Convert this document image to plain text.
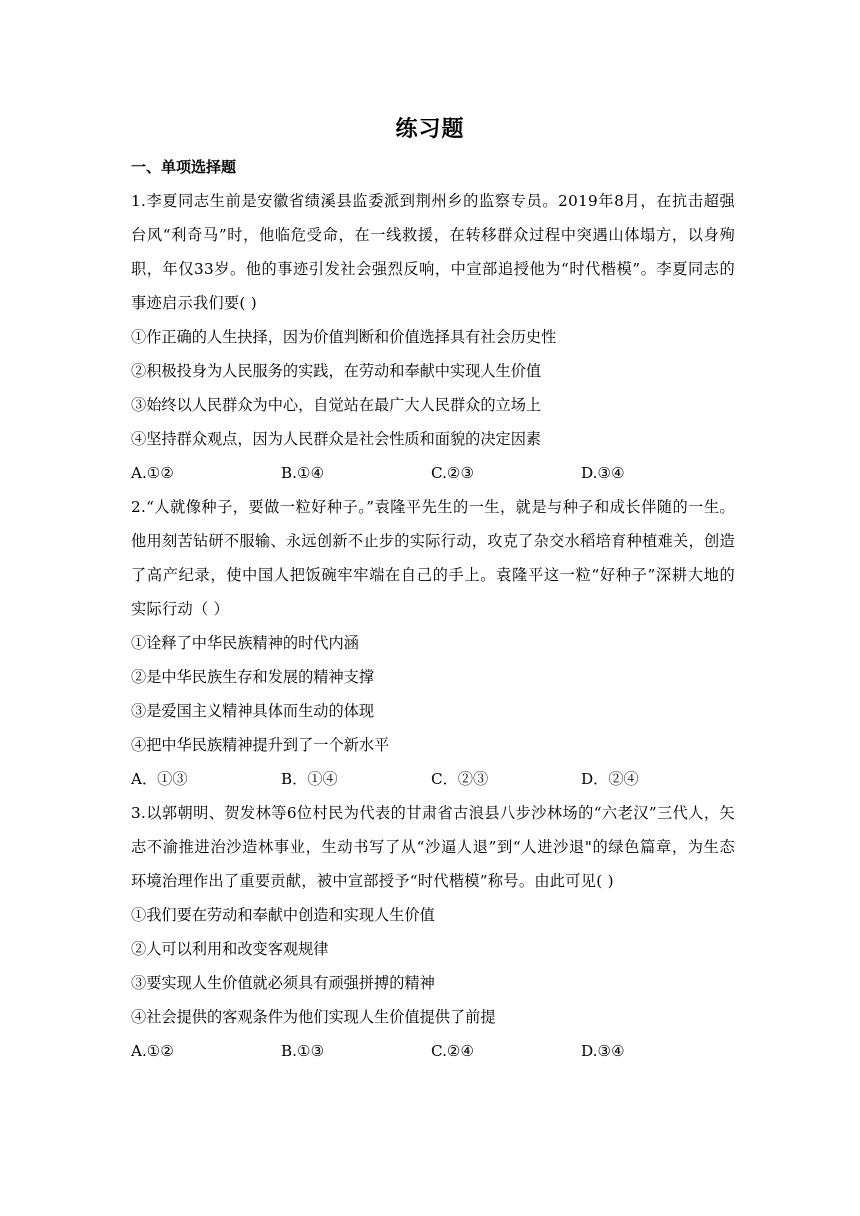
练习题
一、单项选择题
1.李夏同志生前是安徽省绩溪县监委派到荆州乡的监察专员。2019年8月，在抗击超强台风“利奇马”时，他临危受命，在一线救援，在转移群众过程中突遇山体塌方，以身殉职，年仅33岁。他的事迹引发社会强烈反响，中宣部追授他为“时代楷模”。李夏同志的事迹启示我们要( )
①作正确的人生抉择，因为价值判断和价值选择具有社会历史性
②积极投身为人民服务的实践，在劳动和奉献中实现人生价值
③始终以人民群众为中心，自觉站在最广大人民群众的立场上
④坚持群众观点，因为人民群众是社会性质和面貌的决定因素
A.①②	B.①④	C.②③	D.③④
2.“人就像种子，要做一粒好种子。”袁隆平先生的一生，就是与种子和成长伴随的一生。他用刻苦钻研不服输、永远创新不止步的实际行动，攻克了杂交水稻培育种植难关，创造了高产纪录，使中国人把饭碗牢牢端在自己的手上。袁隆平这一粒“好种子”深耕大地的实际行动（ ）
①诠释了中华民族精神的时代内涵
②是中华民族生存和发展的精神支撑
③是爱国主义精神具体而生动的体现
④把中华民族精神提升到了一个新水平
A．①③	B．①④	C．②③	D．②④
3.以郭朝明、贺发林等6位村民为代表的甘肃省古浪县八步沙林场的“六老汉”三代人，矢志不渝推进治沙造林事业，生动书写了从“沙逼人退”到“人进沙退"的绿色篇章，为生态环境治理作出了重要贡献，被中宣部授予“时代楷模”称号。由此可见( )
①我们要在劳动和奉献中创造和实现人生价值
②人可以利用和改变客观规律
③要实现人生价值就必须具有顽强拼搏的精神
④社会提供的客观条件为他们实现人生价值提供了前提
A.①②	B.①③	C.②④	D.③④
